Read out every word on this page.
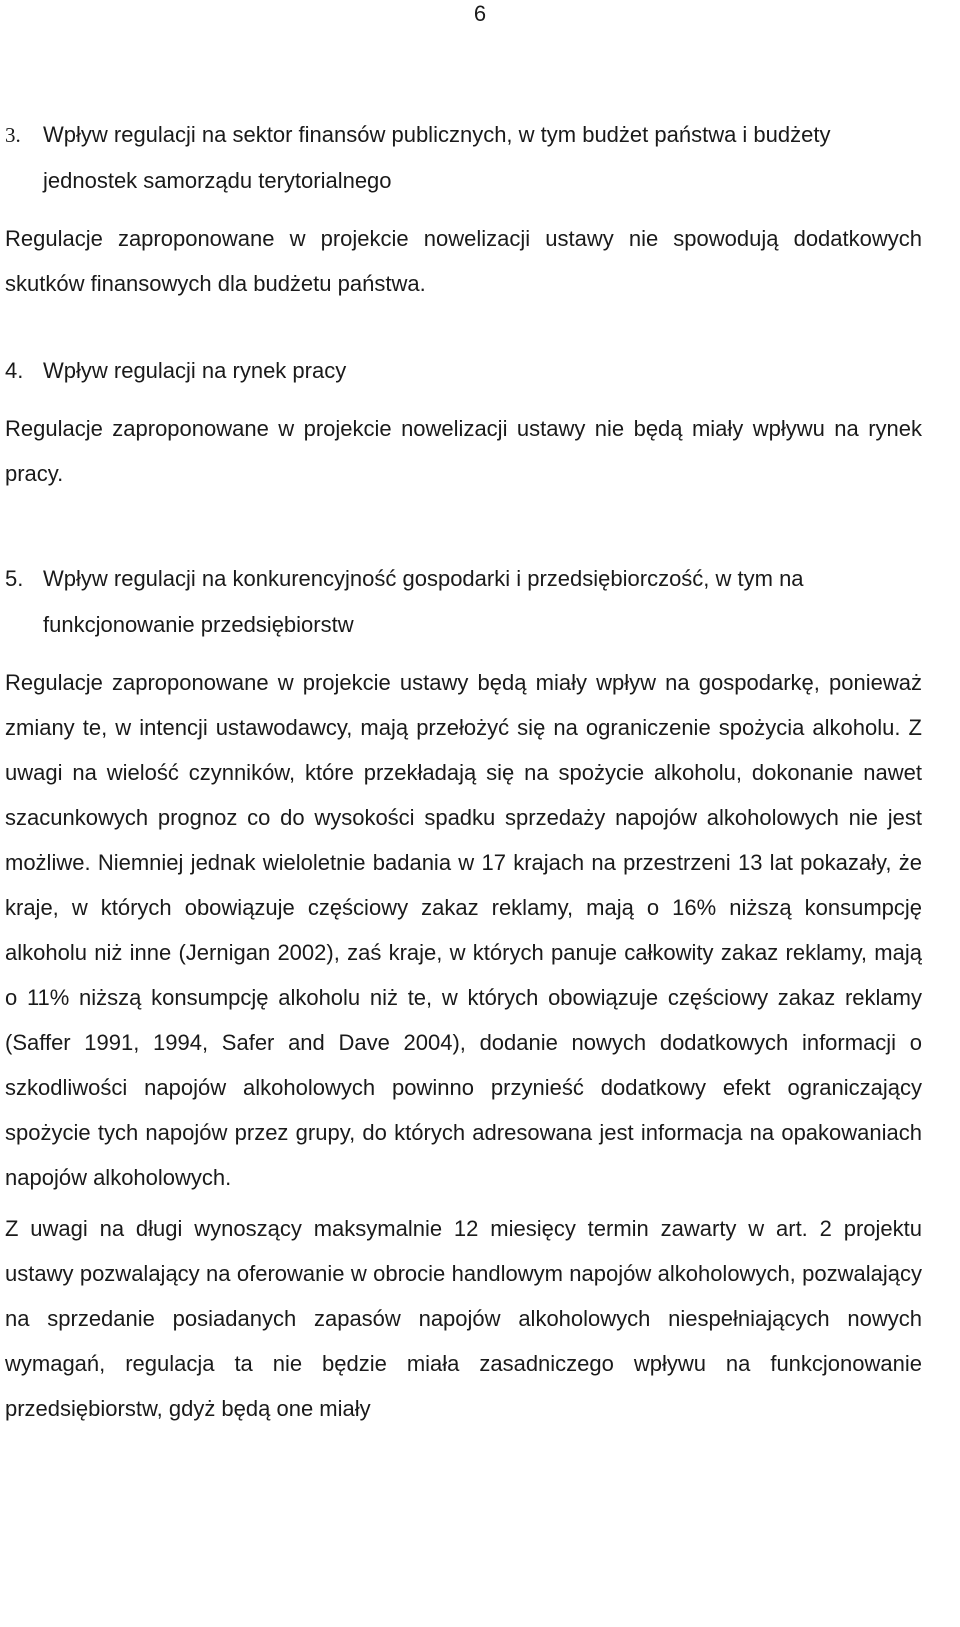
6
3.	Wpływ regulacji na sektor finansów publicznych, w tym budżet państwa i budżety jednostek samorządu terytorialnego

Regulacje zaproponowane w projekcie nowelizacji ustawy nie spowodują dodatkowych skutków finansowych dla budżetu państwa.

4. Wpływ regulacji na rynek pracy

Regulacje zaproponowane w projekcie nowelizacji ustawy nie będą miały wpływu na rynek pracy.

5. Wpływ regulacji na konkurencyjność gospodarki i przedsiębiorczość, w tym na funkcjonowanie przedsiębiorstw

Regulacje zaproponowane w projekcie ustawy będą miały wpływ na gospodarkę, ponieważ zmiany te, w intencji ustawodawcy, mają przełożyć się na ograniczenie spożycia alkoholu. Z uwagi na wielość czynników, które przekładają się na spożycie alkoholu, dokonanie nawet szacunkowych prognoz co do wysokości spadku sprzedaży napojów alkoholowych nie jest możliwe. Niemniej jednak wieloletnie badania w 17 krajach na przestrzeni 13 lat pokazały, że kraje, w których obowiązuje częściowy zakaz reklamy, mają o 16% niższą konsumpcję alkoholu niż inne (Jernigan 2002), zaś kraje, w których panuje całkowity zakaz reklamy, mają o 11% niższą konsumpcję alkoholu niż te, w których obowiązuje częściowy zakaz reklamy (Saffer 1991, 1994, Safer and Dave 2004), dodanie nowych dodatkowych informacji o szkodliwości napojów alkoholowych powinno przynieść dodatkowy efekt ograniczający spożycie tych napojów przez grupy, do których adresowana jest informacja na opakowaniach napojów alkoholowych.

Z uwagi na długi wynoszący maksymalnie 12 miesięcy termin zawarty w art. 2 projektu ustawy pozwalający na oferowanie w obrocie handlowym napojów alkoholowych, pozwalający na sprzedanie posiadanych zapasów napojów alkoholowych niespełniających nowych wymagań, regulacja ta nie będzie miała zasadniczego wpływu na funkcjonowanie przedsiębiorstw, gdyż będą one miały
